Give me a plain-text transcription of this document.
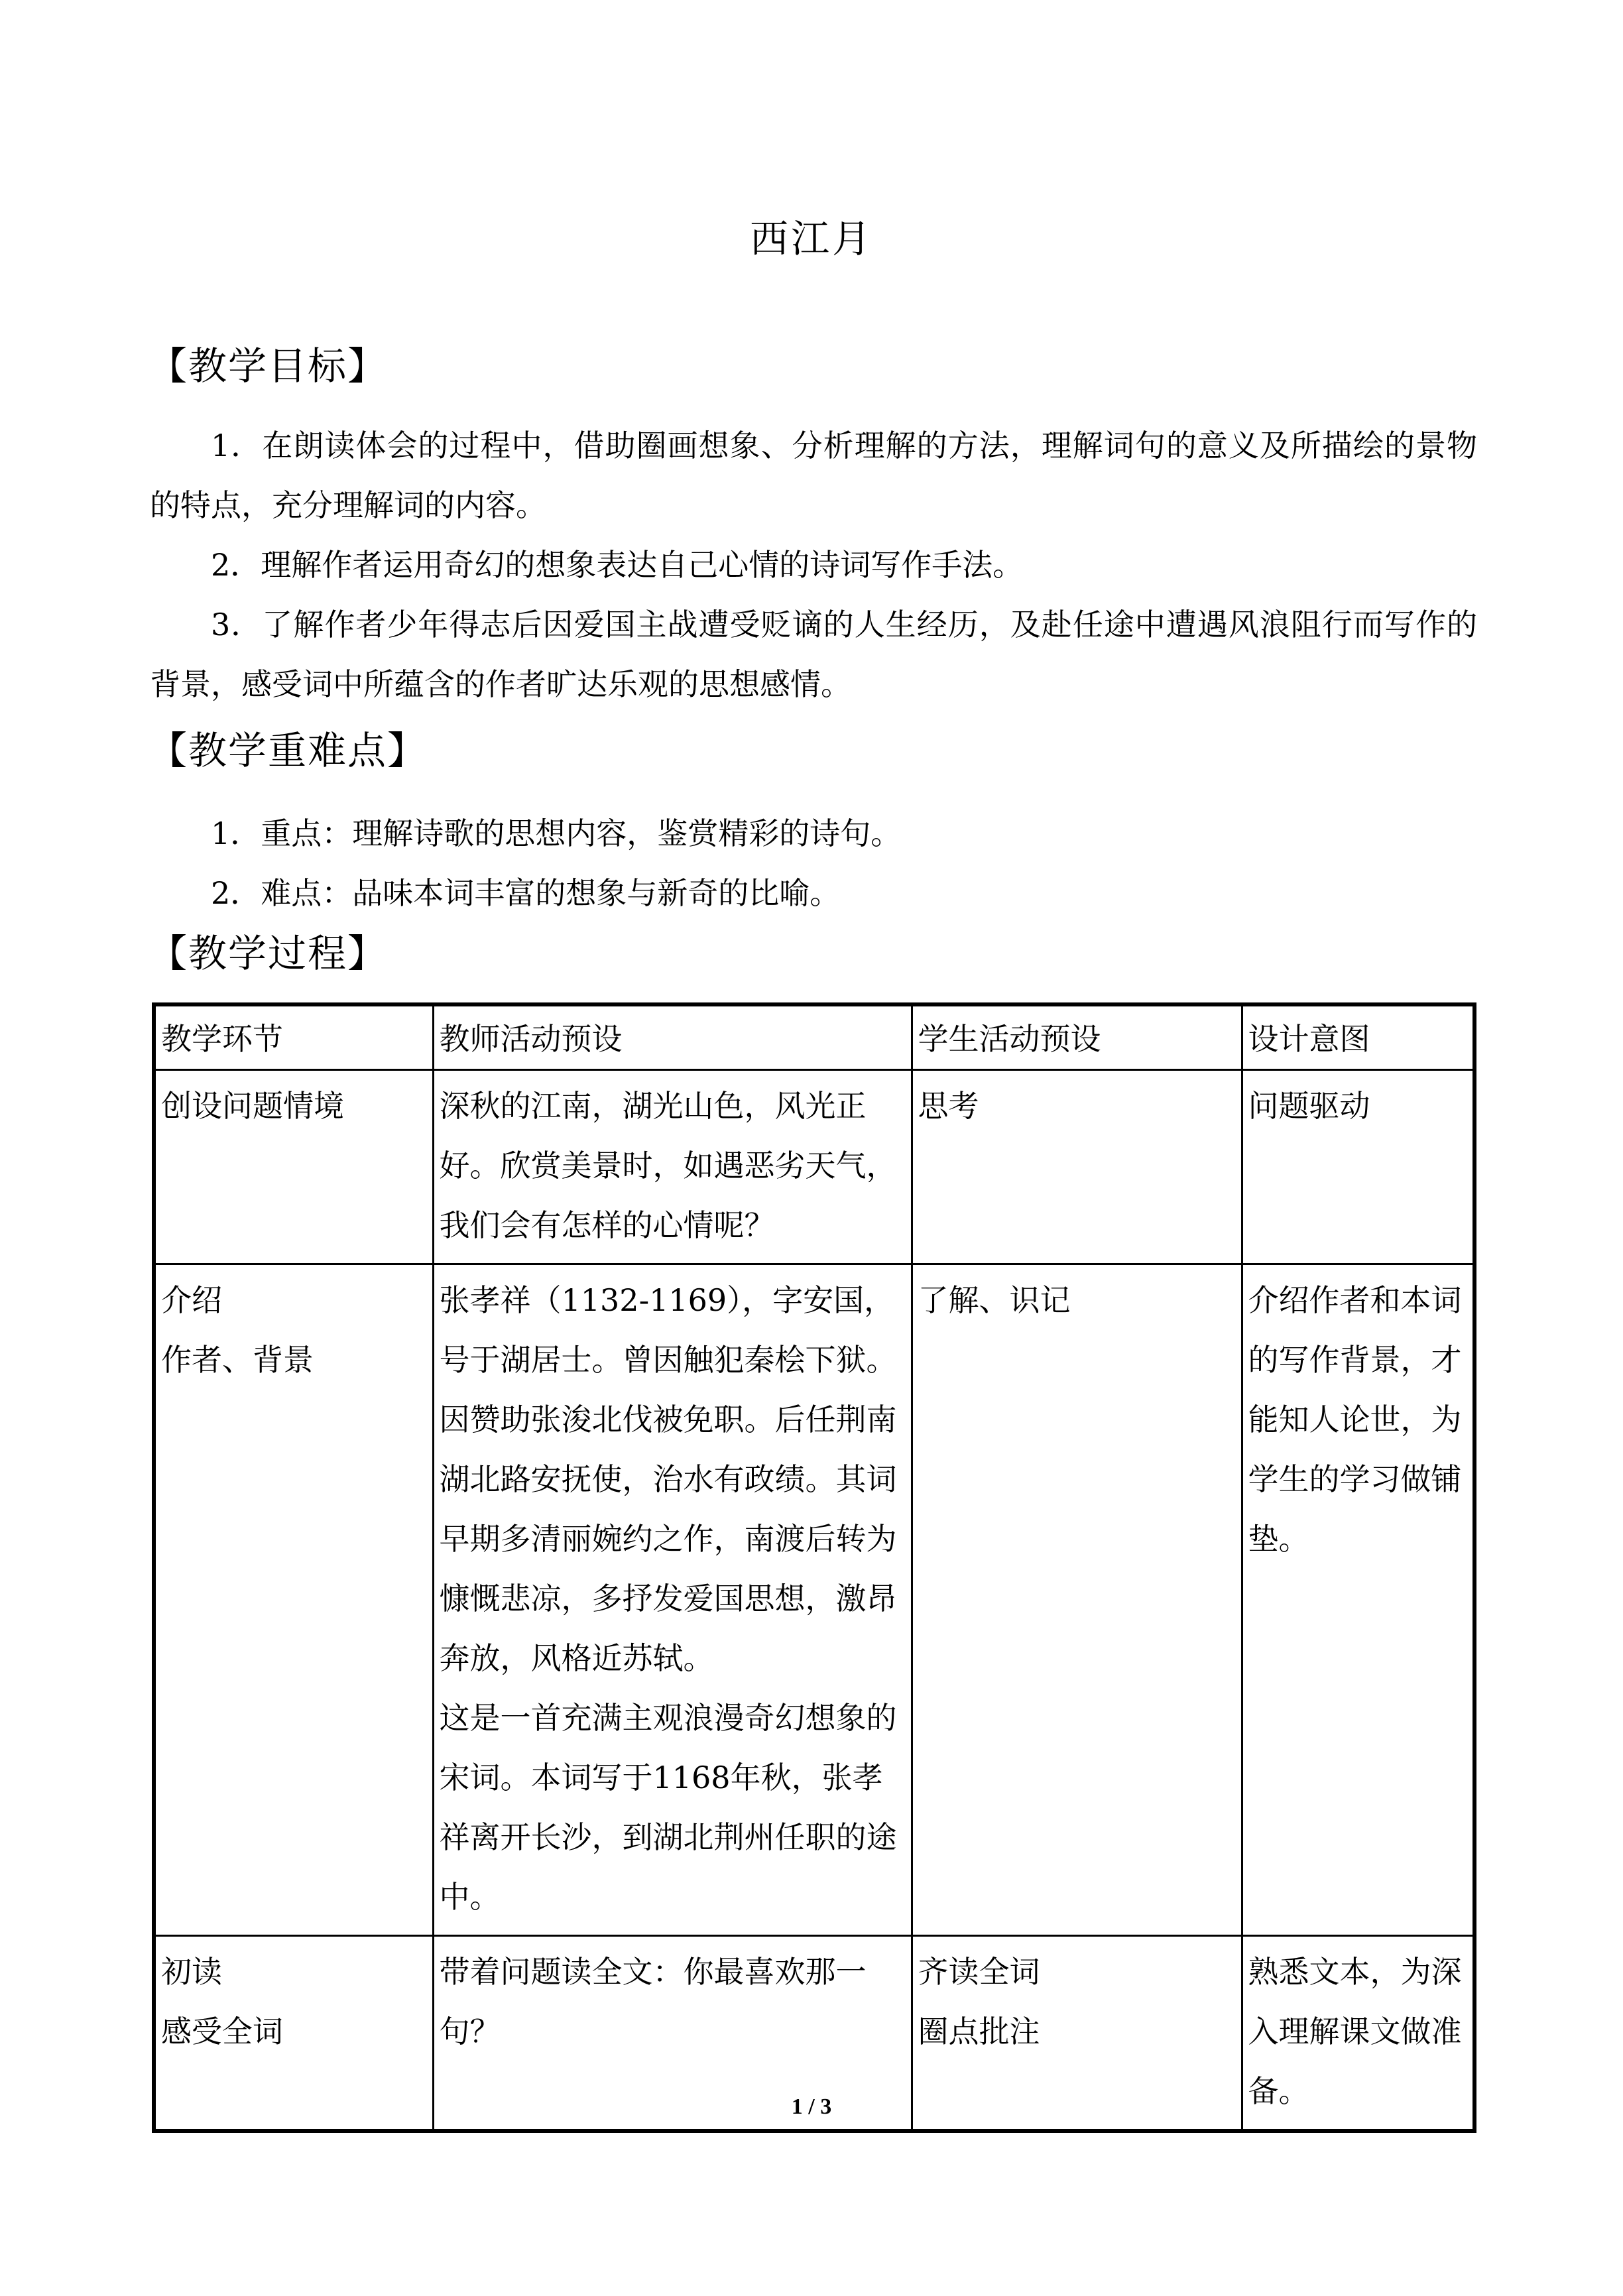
西江月
【教学目标】

1．在朗读体会的过程中，借助圈画想象、分析理解的方法，理解词句的意义及所描绘的景物的特点，充分理解词的内容。

2．理解作者运用奇幻的想象表达自己心情的诗词写作手法。

3．了解作者少年得志后因爱国主战遭受贬谪的人生经历，及赴任途中遭遇风浪阻行而写作的背景，感受词中所蕴含的作者旷达乐观的思想感情。

【教学重难点】

1．重点：理解诗歌的思想内容，鉴赏精彩的诗句。

2．难点：品味本词丰富的想象与新奇的比喻。

【教学过程】
教学环节	教师活动预设	学生活动预设	设计意图
创设问题情境	深秋的江南，湖光山色，风光正好。欣赏美景时，如遇恶劣天气，我们会有怎样的心情呢？	思考	问题驱动
介绍
作者、背景	张孝祥（1132-1169），字安国，号于湖居士。曾因触犯秦桧下狱。因赞助张浚北伐被免职。后任荆南湖北路安抚使，治水有政绩。其词早期多清丽婉约之作，南渡后转为慷慨悲凉，多抒发爱国思想，激昂奔放，风格近苏轼。
这是一首充满主观浪漫奇幻想象的宋词。本词写于1168年秋，张孝祥离开长沙，到湖北荆州任职的途中。	了解、识记	介绍作者和本词的写作背景，才能知人论世，为学生的学习做铺垫。
初读
感受全词	带着问题读全文：你最喜欢那一句？	齐读全词
圈点批注	熟悉文本，为深入理解课文做准备。
1 / 3
